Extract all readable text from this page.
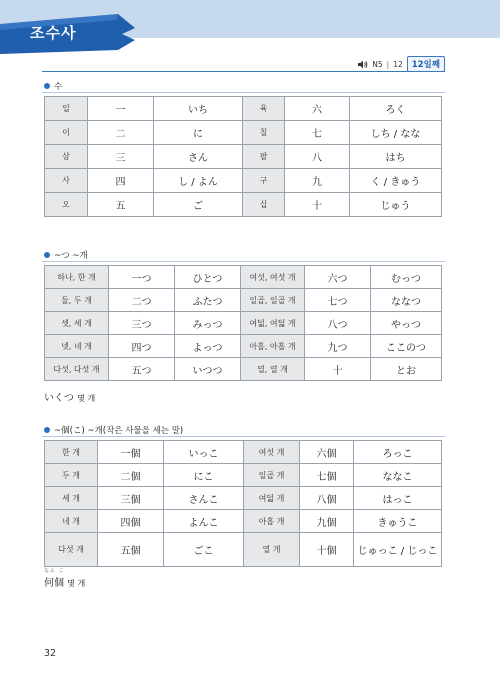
조수사
N5 | 12	12일째
수
일	一	いち	육	六	ろく
이	二	に	칠	七	しち / なな
삼	三	さん	팔	八	はち
사	四	し / よん	구	九	く / きゅう
오	五	ご	십	十	じゅう
~つ ~개
하나, 한 개	一つ	ひとつ	여섯, 여섯 개	六つ	むっつ
둘, 두 개	二つ	ふたつ	일곱, 일곱 개	七つ	ななつ
셋, 세 개	三つ	みっつ	여덟, 여덟 개	八つ	やっつ
넷, 네 개	四つ	よっつ	아홉, 아홉 개	九つ	ここのつ
다섯, 다섯 개	五つ	いつつ	열, 열 개	十	とお
いくつ 몇 개
~個(こ) ~개(작은 사물을 세는 말)
한 개	一個	いっこ	여섯 개	六個	ろっこ
두 개	二個	にこ	일곱 개	七個	ななこ
세 개	三個	さんこ	여덟 개	八個	はっこ
네 개	四個	よんこ	아홉 개	九個	きゅうこ
다섯 개	五個	ごこ	열 개	十個	じゅっこ / じっこ
なん こ
何個 몇 개
32
